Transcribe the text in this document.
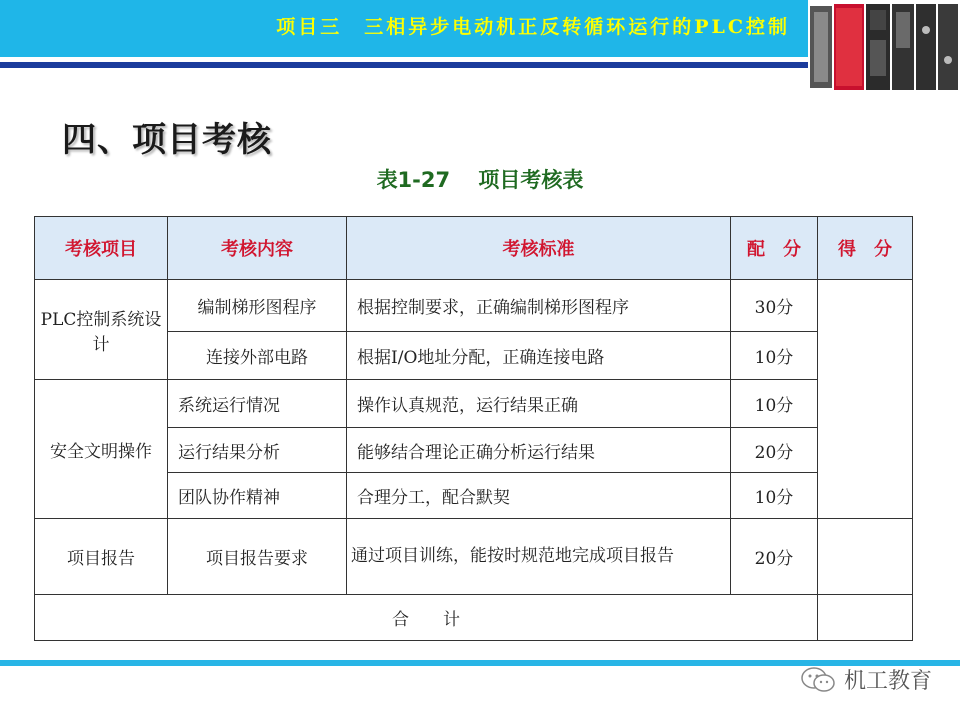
项目三　三相异步电动机正反转循环运行的PLC控制
四、项目考核
表1-27　 项目考核表
考核项目	考核内容	考核标准	配　分	得　分
PLC控制系统设计	编制梯形图程序	根据控制要求，正确编制梯形图程序	30分	
	连接外部电路	根据I/O地址分配，正确连接电路	10分	
安全文明操作	系统运行情况	操作认真规范，运行结果正确	10分	
	运行结果分析	能够结合理论正确分析运行结果	20分	
	团队协作精神	合理分工，配合默契	10分	
项目报告	项目报告要求	通过项目训练，能按时规范地完成项目报告	20分	
合　　计				
机工教育
